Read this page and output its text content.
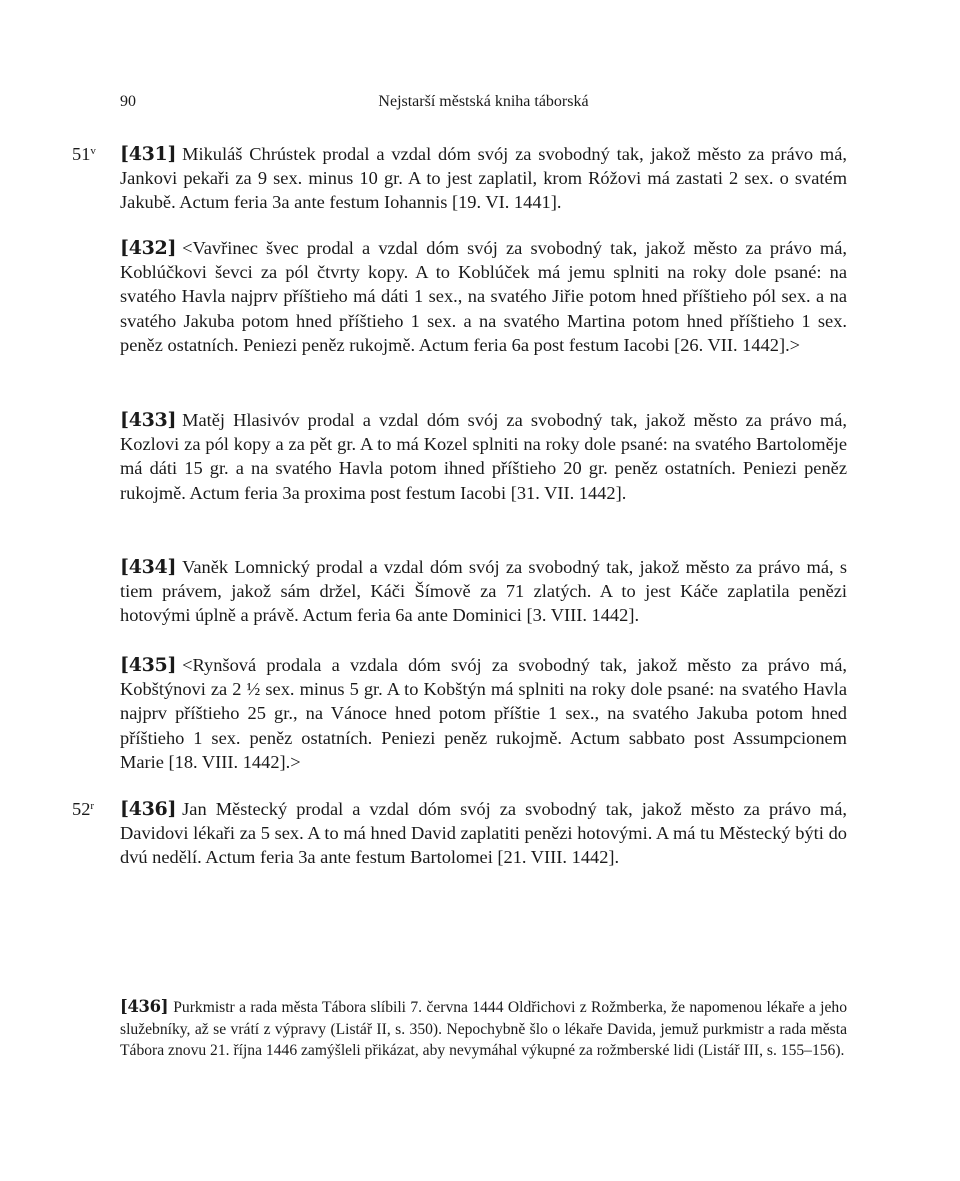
90	Nejstarší městská kniha táborská
51$^v$ [431] Mikuláš Chrústek prodal a vzdal dóm svój za svobodný tak, jakož město za právo má, Jankovi pekaři za 9 sex. minus 10 gr. A to jest zaplatil, krom Róžovi má zastati 2 sex. o svatém Jakubě. Actum feria 3a ante festum Iohannis [19. VI. 1441].

[432] <Vavřinec švec prodal a vzdal dóm svój za svobodný tak, jakož město za právo má, Koblúčkovi ševci za pól čtvrty kopy. A to Koblúček má jemu splniti na roky dole psané: na svatého Havla najprv příštieho má dáti 1 sex., na svatého Jiřie potom hned příštieho pól sex. a na svatého Jakuba potom hned příštieho 1 sex. a na svatého Martina potom hned příštieho 1 sex. peněz ostatních. Peniezi peněz rukojmě. Actum feria 6a post festum Iacobi [26. VII. 1442].>

[433] Matěj Hlasivóv prodal a vzdal dóm svój za svobodný tak, jakož město za právo má, Kozlovi za pól kopy a za pět gr. A to má Kozel splniti na roky dole psané: na svatého Bartoloměje má dáti 15 gr. a na svatého Havla potom ihned příštieho 20 gr. peněz ostatních. Peniezi peněz rukojmě. Actum feria 3a proxima post festum Iacobi [31. VII. 1442].

[434] Vaněk Lomnický prodal a vzdal dóm svój za svobodný tak, jakož město za právo má, s tiem právem, jakož sám držel, Káči Šímově za 71 zlatých. A to jest Káče zaplatila penězi hotovými úplně a právě. Actum feria 6a ante Dominici [3. VIII. 1442].

[435] <Rynšová prodala a vzdala dóm svój za svobodný tak, jakož město za právo má, Kobštýnovi za 2 ½ sex. minus 5 gr. A to Kobštýn má splniti na roky dole psané: na svatého Havla najprv příštieho 25 gr., na Vánoce hned potom příštie 1 sex., na svatého Jakuba potom hned příštieho 1 sex. peněz ostatních. Peniezi peněz rukojmě. Actum sabbato post Assumpcionem Marie [18. VIII. 1442].>

52$^r$ [436] Jan Městecký prodal a vzdal dóm svój za svobodný tak, jakož město za právo má, Davidovi lékaři za 5 sex. A to má hned David zaplatiti penězi hotovými. A má tu Městecký býti do dvú nedělí. Actum feria 3a ante festum Bartolomei [21. VIII. 1442].

[436] Purkmistr a rada města Tábora slíbili 7. června 1444 Oldřichovi z Rožmberka, že napomenou lékaře a jeho služebníky, až se vrátí z výpravy (Listář II, s. 350). Nepochybně šlo o lékaře Davida, jemuž purkmistr a rada města Tábora znovu 21. října 1446 zamýšleli přikázat, aby nevymáhal výkupné za rožmberské lidi (Listář III, s. 155–156).
